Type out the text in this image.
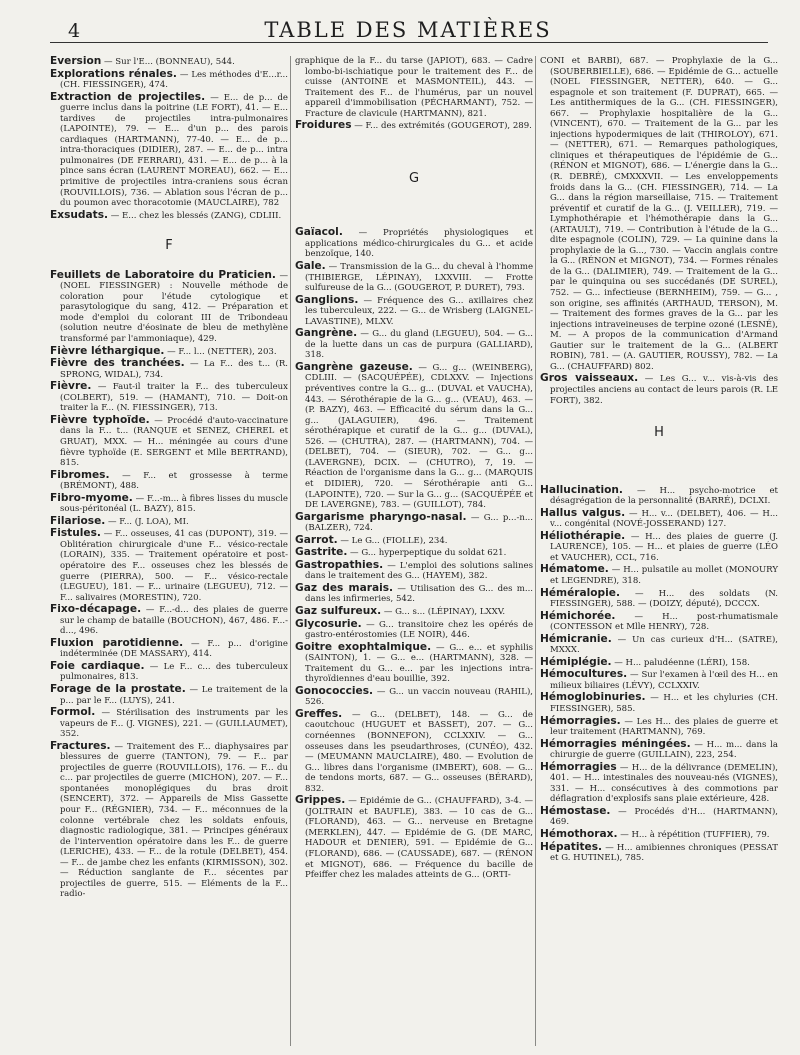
4	TABLE DES MATIÈRES
Eversion — Sur l'E... (BONNEAU), 544.
Explorations rénales. — Les méthodes d'E...r... (CH. FIESSINGER), 474.
Extraction de projectiles. — E... de p... de guerre inclus dans la poitrine (LE FORT), 41. — E... tardives de projectiles intra-pulmonaires (LAPOINTE), 79. — E... d'un p... des parois cardiaques (HARTMANN), 77-40. — E... de p... intra-thoraciques (DIDIER), 287. — E... de p... intra pulmonaires (DE FERRARI), 431. — E... de p... à la pince sans écran (LAURENT MOREAU), 662. — E... primitive de projectiles intra-craniens sous écran (ROUVILLOIS), 736. — Ablation sous l'écran de p... du poumon avec thoracotomie (MAUCLAIRE), 782
Exsudats. — E... chez les blessés (ZANG), CDLIII.
F
Feuillets de Laboratoire du Praticien. — (NOEL FIESSINGER) : Nouvelle méthode de coloration pour l'étude cytologique et parasytologique du sang, 412. — Préparation et mode d'emploi du colorant III de Tribondeau (solution neutre d'éosinate de bleu de methylène transformé par l'ammoniaque), 429.
Fièvre léthargique. — F... l... (NETTER), 203.
Fièvre des tranchées. — La F... des t... (R. SPRONG, WIDAL), 734.
Fièvre. — Faut-il traiter la F... des tuberculeux (COLBERT), 519. — (HAMANT), 710. — Doit-on traiter la F... (N. FIESSINGER), 713.
Fièvre typhoïde. — Procédé d'auto-vaccinature dans la F... t... (RANQUE et SENEZ, CHEREL et GRUAT), MXX. — H... méningée au cours d'une fièvre typhoïde (E. SERGENT et Mlle BERTRAND), 815.
Fibromes. — F... et grossesse à terme (BRÉMONT), 488.
Fibro-myome. — F...-m... à fibres lisses du muscle sous-péritonéal (L. BAZY), 815.
Filariose. — F... (J. LOA), MI.
Fistules. — F... osseuses, 41 cas (DUPONT), 319. — Oblitération chirurgicale d'une F... vésico-rectale (LORAIN), 335. — Traitement opératoire et post-opératoire des F... osseuses chez les blessés de guerre (PIERRA), 500. — F... vésico-rectale (LEGUEU), 181. — F... urinaire (LEGUEU), 712. — F... salivaires (MORESTIN), 720.
Fixo-décapage. — F...-d... des plaies de guerre sur le champ de bataille (BOUCHON), 467, 486. F...-d..., 496.
Fluxion parotidienne. — F... p... d'origine indéterminée (DE MASSARY), 414.
Foie cardiaque. — Le F... c... des tuberculeux pulmonaires, 813.
Forage de la prostate. — Le traitement de la p... par le F... (LUYS), 241.
Formol. — Stérilisation des instruments par les vapeurs de F... (J. VIGNES), 221. — (GUILLAUMET), 352.
Fractures. — Traitement des F... diaphysaires par blessures de guerre (TANTON), 79. — F... par projectiles de guerre (ROUVILLOIS), 176. — F... du c... par projectiles de guerre (MICHON), 207. — F... spontanées monoplégiques du bras droit (SENCERT), 372. — Appareils de Miss Gassette pour F... (RÉGNIER), 734. — F... méconnues de la colonne vertébrale chez les soldats enfouis, diagnostic radiologique, 381. — Principes généraux de l'intervention opératoire dans les F... de guerre (LERICHE), 433. — F... de la rotule (DELBET), 454. — F... de jambe chez les enfants (KIRMISSON), 302. — Réduction sanglante de F... sécentes par projectiles de guerre, 515. — Eléments de la F... radio-
graphique de la F... du tarse (JAPIOT), 683. — Cadre lombo-bi-ischiatique pour le traitement des F... de cuisse (ANTOINE et MASMONTEIL), 443. — Traitement des F... de l'humérus, par un nouvel appareil d'immobilisation (PÉCHARMANT), 752. — Fracture de clavicule (HARTMANN), 821.
Froidures — F... des extrémités (GOUGEROT), 289.
G
Gaïacol. — Propriétés physiologiques et applications médico-chirurgicales du G... et acide benzoïque, 140.
Gale. — Transmission de la G... du cheval à l'homme (THIBIERGE, LÉPINAY), LXXVIII. — Frotte sulfureuse de la G... (GOUGEROT, P. DURET), 793.
Ganglions. — Fréquence des G... axillaires chez les tuberculeux, 222. — G... de Wrisberg (LAIGNEL-LAVASTINE), MLXV.
Gangrène. — G... du gland (LEGUEU), 504. — G... de la luette dans un cas de purpura (GALLIARD), 318.
Gangrène gazeuse. — G... g... (WEINBERG), CDLIII. — (SACQUÉPÉE), CDLXXV. — Injections préventives contre la G... g... (DUVAL et VAUCHA), 443. — Sérothérapie de la G... g... (VEAU), 463. — (P. BAZY), 463. — Efficacité du sérum dans la G... g... (JALAGUIER), 496. — Traitement sérothérapique et curatif de la G... g... (DUVAL), 526. — (CHUTRA), 287. — (HARTMANN), 704. — (DELBET), 704. — (SIEUR), 702. — G... g... (LAVERGNE), DCIX. — (CHUTRO), 7, 19. — Réaction de l'organisme dans la G... g... (MARQUIS et DIDIER), 720. — Sérothérapie anti G... (LAPOINTE), 720. — Sur la G... g... (SACQUÉPÉE et DE LAVERGNE), 783. — (GUILLOT), 784.
Gargarisme pharyngo-nasal. — G... p...-n... (BALZER), 724.
Garrot. — Le G... (FIOLLE), 234.
Gastrite. — G... hyperpeptique du soldat 621.
Gastropathies. — L'emploi des solutions salines dans le traitement des G... (HAYEM), 382.
Gaz des marais. — Utilisation des G... des m... dans les infirmeries, 542.
Gaz sulfureux. — G... s... (LÉPINAY), LXXV.
Glycosurie. — G... transitoire chez les opérés de gastro-entérostomies (LE NOIR), 446.
Goitre exophtalmique. — G... e... et syphilis (SAINTON), 1. — G... e... (HARTMANN), 328. — Traitement du G... e... par les injections intra-thyroïdiennes d'eau bouillie, 392.
Gonococcies. — G... un vaccin nouveau (RAHIL), 526.
Greffes. — G... (DELBET), 148. — G... de caoutchouc (HUGUET et BASSET), 207. — G... cornéennes (BONNEFON), CCLXXIV. — G... osseuses dans les pseudarthroses, (CUNÉO), 432. — (MEUMANN MAUCLAIRE), 480. — Evolution de G... libres dans l'organisme (IMBERT), 608. — G... de tendons morts, 687. — G... osseuses (BÉRARD), 832.
Grippes. — Epidémie de G... (CHAUFFARD), 3-4. — (JOLTRAIN et BAUFLE), 383. — 10 cas de G... (FLORAND), 463. — G... nerveuse en Bretagne (MERKLEN), 447. — Epidémie de G. (DE MARC, HADOUR et DENIER), 591. — Epidémie de G... (FLORAND), 686. — (CAUSSADE), 687. — (RÉNON et MIGNOT), 686. — Fréquence du bacille de Pfeiffer chez les malades atteints de G... (ORTI-
CONI et BARBI), 687. — Prophylaxie de la G... (SOUBERBIELLE), 686. — Epidémie de G... actuelle (NOEL FIESSINGER, NETTER), 640. — G... espagnole et son traitement (F. DUPRAT), 665. — Les antithermiques de la G... (CH. FIESSINGER), 667. — Prophylaxie hospitalière de la G... (VINCENT), 670. — Traitement de la G... par les injections hypodermiques de lait (THIROLOY), 671. — (NETTER), 671. — Remarques pathologiques, cliniques et thérapeutiques de l'épidémie de G... (RÉNON et MIGNOT), 686. — L'énergie dans la G... (R. DEBRÉ), CMXXXVII. — Les enveloppements froids dans la G... (CH. FIESSINGER), 714. — La G... dans la région marseillaise, 715. — Traitement préventif et curatif de la G... (J. VEILLER), 719. — Lymphothérapie et l'hémothérapie dans la G... (ARTAULT), 719. — Contribution à l'étude de la G... dite espagnole (COLIN), 729. — La quinine dans la prophylaxie de la G..., 730. — Vaccin anglais contre la G... (RÉNON et MIGNOT), 734. — Formes rénales de la G... (DALIMIER), 749. — Traitement de la G... par le quinquina ou ses succédanés (DE SUREL), 752. — G... infectieuse (BERNHEIM), 759. — G... , son origine, ses affinités (ARTHAUD, TERSON), M. — Traitement des formes graves de la G... par les injections intraveineuses de terpine ozoné (LESNÉ), M. — A propos de la communication d'Armand Gautier sur le traitement de la G... (ALBERT ROBIN), 781. — (A. GAUTIER, ROUSSY), 782. — La G... (CHAUFFARD) 802.
Gros vaisseaux. — Les G... v... vis-à-vis des projectiles anciens au contact de leurs parois (R. LE FORT), 382.
H
Hallucination. — H... psycho-motrice et désagrégation de la personnalité (BARRÉ), DCLXI.
Hallus valgus. — H... v... (DELBET), 406. — H... v... congénital (NOVÉ-JOSSERAND) 127.
Héliothérapie. — H... des plaies de guerre (J. LAURENCE), 105. — H... et plaies de guerre (LÉO et VAUCHER), CCL, 716.
Hématome. — H... pulsatile au mollet (MONOURY et LEGENDRE), 318.
Héméralopie. — H... des soldats (N. FIESSINGER), 588. — (DOIZY, député), DCCCX.
Hémichorée. — H... post-rhumatismale (CONTESSON et Mlle HENRY), 728.
Hémicranie. — Un cas curieux d'H... (SATRE), MXXX.
Hémiplégie. — H... paludéenne (LÉRI), 158.
Hémocultures. — Sur l'examen à l'œil des H... en milieux biliaires (LÉVY), CCLXXIV.
Hémoglobinuries. — H... et les chyluries (CH. FIESSINGER), 585.
Hémorragies. — Les H... des plaies de guerre et leur traitement (HARTMANN), 769.
Hémorragies méningées. — H... m... dans la chirurgie de guerre (GUILLAIN), 223, 254.
Hémorragies — H... de la délivrance (DEMELIN), 401. — H... intestinales des nouveau-nés (VIGNES), 331. — H... consécutives à des commotions par déflagration d'explosifs sans plaie extérieure, 428.
Hémostase. — Procédés d'H... (HARTMANN), 469.
Hémothorax. — H... à répétition (TUFFIER), 79.
Hépatites. — H... amibiennes chroniques (PESSAT et G. HUTINEL), 785.
